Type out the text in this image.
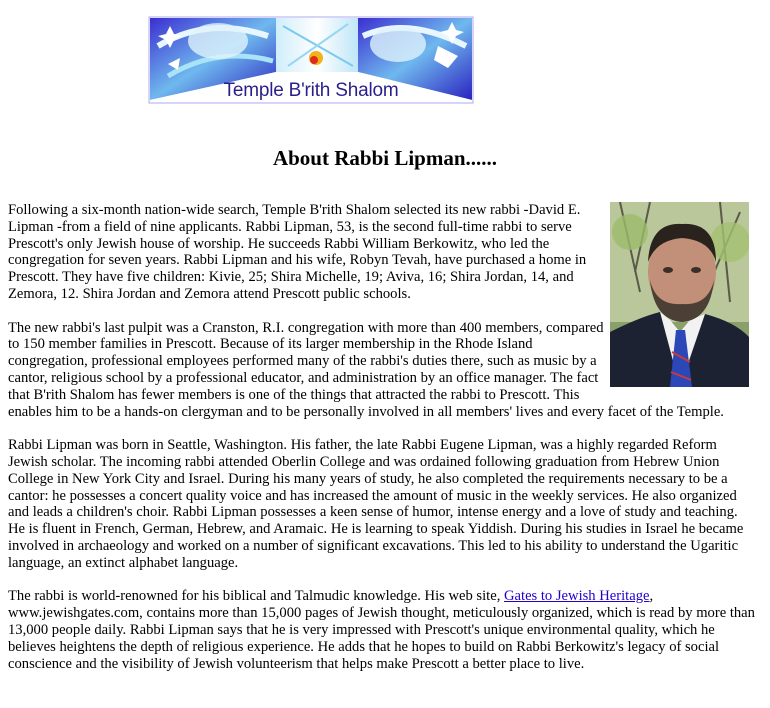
Temple B'rith Shalom
About Rabbi Lipman......

Following a six-month nation-wide search, Temple B'rith Shalom selected its new rabbi -David E. Lipman -from a field of nine applicants. Rabbi Lipman, 53, is the second full-time rabbi to serve Prescott's only Jewish house of worship. He succeeds Rabbi William Berkowitz, who led the congregation for seven years. Rabbi Lipman and his wife, Robyn Tevah, have purchased a home in Prescott. They have five children: Kivie, 25; Shira Michelle, 19; Aviva, 16; Shira Jordan, 14, and Zemora, 12. Shira Jordan and Zemora attend Prescott public schools.

The new rabbi's last pulpit was a Cranston, R.I. congregation with more than 400 members, compared to 150 member families in Prescott. Because of its larger membership in the Rhode Island congregation, professional employees performed many of the rabbi's duties there, such as music by a cantor, religious school by a professional educator, and administration by an office manager. The fact that B'rith Shalom has fewer members is one of the things that attracted the rabbi to Prescott. This enables him to be a hands-on clergyman and to be personally involved in all members' lives and every facet of the Temple.

Rabbi Lipman was born in Seattle, Washington. His father, the late Rabbi Eugene Lipman, was a highly regarded Reform Jewish scholar. The incoming rabbi attended Oberlin College and was ordained following graduation from Hebrew Union College in New York City and Israel. During his many years of study, he also completed the requirements necessary to be a cantor: he possesses a concert quality voice and has increased the amount of music in the weekly services. He also organized and leads a children's choir. Rabbi Lipman possesses a keen sense of humor, intense energy and a love of study and teaching. He is fluent in French, German, Hebrew, and Aramaic. He is learning to speak Yiddish. During his studies in Israel he became involved in archaeology and worked on a number of significant excavations. This led to his ability to understand the Ugaritic language, an extinct alphabet language.

The rabbi is world-renowned for his biblical and Talmudic knowledge. His web site, Gates to Jewish Heritage, www.jewishgates.com, contains more than 15,000 pages of Jewish thought, meticulously organized, which is read by more than 13,000 people daily. Rabbi Lipman says that he is very impressed with Prescott's unique environmental quality, which he believes heightens the depth of religious experience. He adds that he hopes to build on Rabbi Berkowitz's legacy of social conscience and the visibility of Jewish volunteerism that helps make Prescott a better place to live.
